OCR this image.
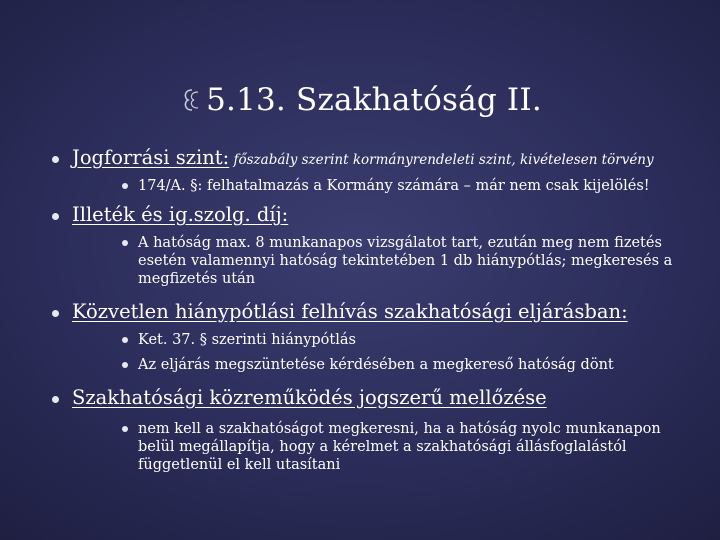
5.13. Szakhatóság II.
Jogforrási szint: főszabály szerint kormányrendeleti szint, kivételesen törvény
174/A. §: felhatalmazás a Kormány számára – már nem csak kijelölés!
Illeték és ig.szolg. díj:
A hatóság max. 8 munkanapos vizsgálatot tart, ezután meg nem fizetés esetén valamennyi hatóság tekintetében 1 db hiánypótlás; megkeresés a megfizetés után
Közvetlen hiánypótlási felhívás szakhatósági eljárásban:
Ket. 37. § szerinti hiánypótlás
Az eljárás megszüntetése kérdésében a megkereső hatóság dönt
Szakhatósági közreműködés jogszerű mellőzése
nem kell a szakhatóságot megkeresni, ha a hatóság nyolc munkanapon belül megállapítja, hogy a kérelmet a szakhatósági állásfoglalástól függetlenül el kell utasítani
